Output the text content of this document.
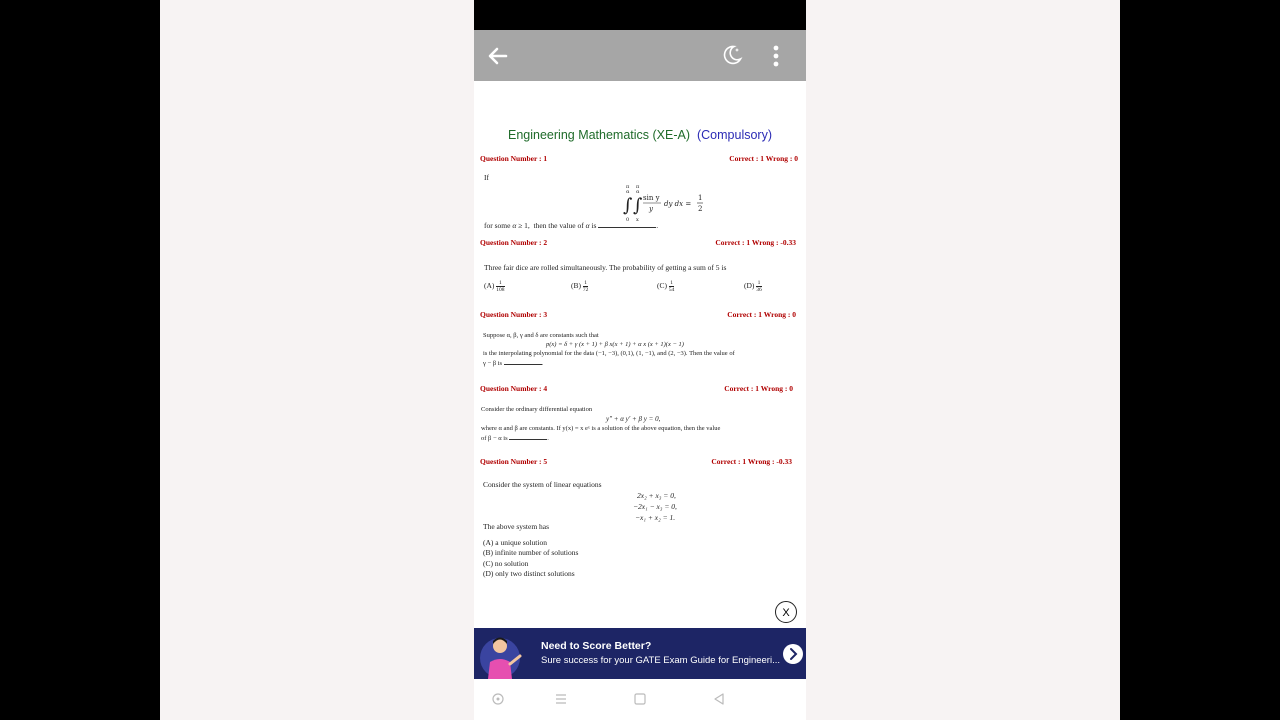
Engineering Mathematics (XE-A) (Compulsory)
Question Number : 1	Correct : 1 Wrong : 0
If
π
α
π
α
∫ ∫
0 x
sin y
y
dy dx =
1
2
for some α ≥ 1,  then the value of α is	.
Question Number : 2	Correct : 1 Wrong : -0.33
Three fair dice are rolled simultaneously. The probability of getting a sum of 5 is
$(A) \frac{1}{108}$	$(B) \frac{1}{72}$	$(C) \frac{1}{54}$	$(D) \frac{1}{36}$
Question Number : 3	Correct : 1 Wrong : 0
Suppose α, β, γ and δ are constants such that
p(x) = δ + γ (x + 1) + β x(x + 1) + α x (x + 1)(x − 1)
is the interpolating polynomial for the data (−1, −3), (0,1), (1, −1), and (2, −3). Then the value of
γ − β is	.
Question Number : 4	Correct : 1 Wrong : 0
Consider the ordinary differential equation
y″ + α y′ + β y = 0,
where α and β are constants. If y(x) = x eˣ is a solution of the above equation, then the value
of β − α is	.
Question Number : 5	Correct : 1 Wrong : -0.33
Consider the system of linear equations
2x₂ + x₃ = 0,
−2x₁ − x₃ = 0,
−x₁ + x₂ = 1.
The above system has
(A) a unique solution
(B) infinite number of solutions
(C) no solution
(D) only two distinct solutions
X
Need to Score Better?
Sure success for your GATE Exam Guide for Engineeri...
